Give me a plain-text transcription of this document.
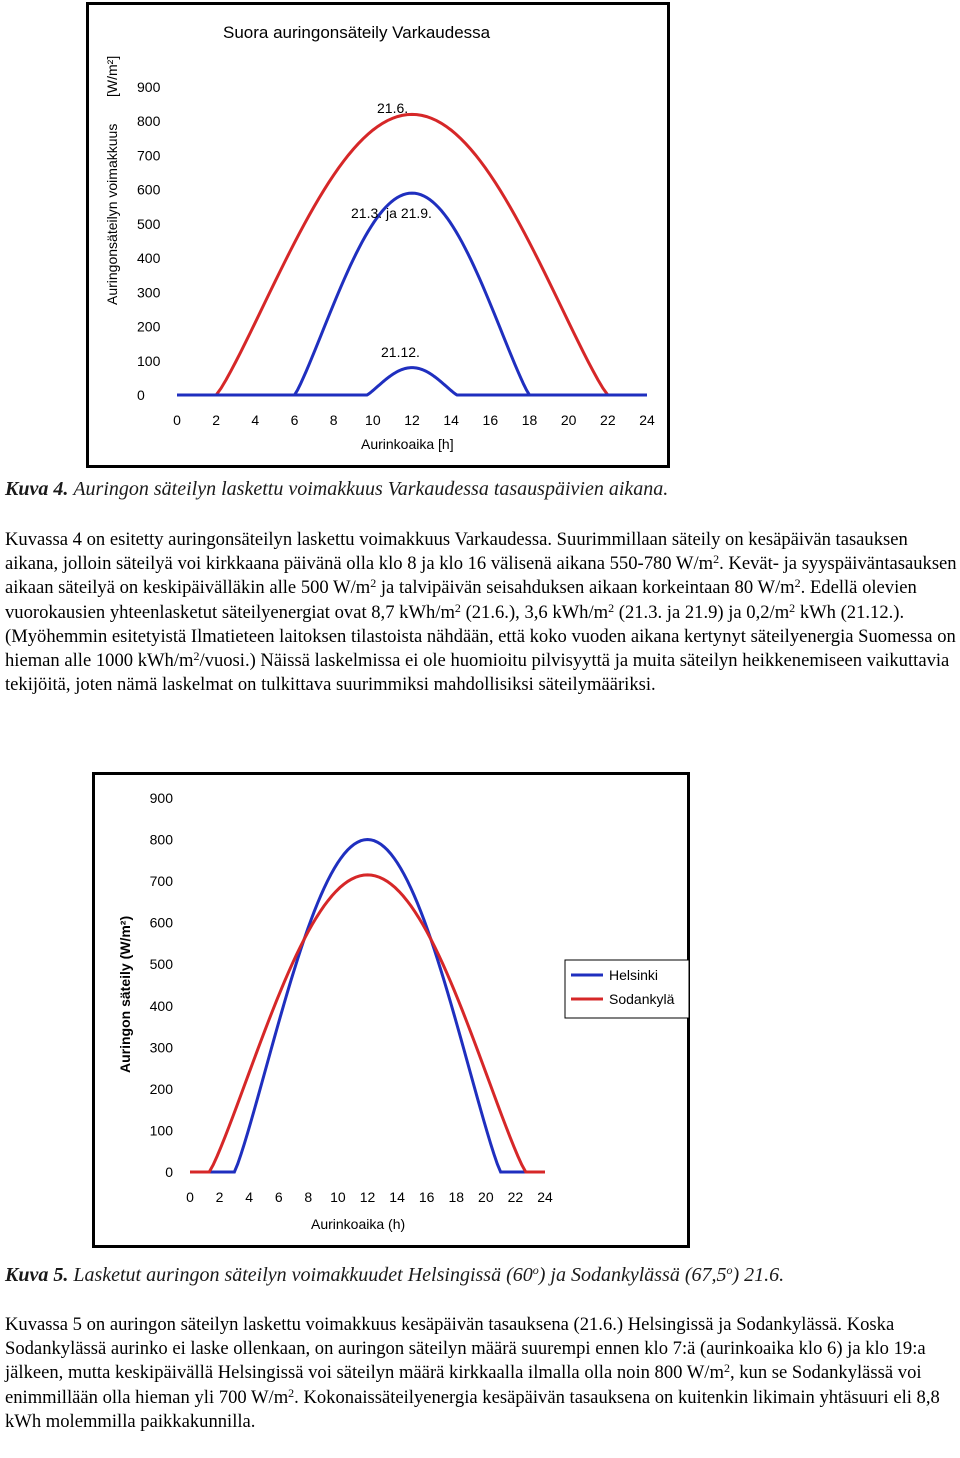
Suora auringonsäteily Varkaudessa
0
100
200
300
400
500
600
700
800
900
0 2 4 6 8 10 12 14 16 18 20 22 24
Aurinkoaika [h]
Auringonsäteilyn voimakkuus
[W/m²]
21.6.
21.3. ja 21.9.
21.12.
Kuva 4. Auringon säteilyn laskettu voimakkuus Varkaudessa tasauspäivien aikana.
Kuvassa 4 on esitetty auringonsäteilyn laskettu voimakkuus Varkaudessa. Suurimmillaan säteily on kesäpäivän tasauksen aikana, jolloin säteilyä voi kirkkaana päivänä olla klo 8 ja klo 16 välisenä aikana 550-780 $W/m^2$. Kevät- ja syyspäiväntasauksen aikaan säteilyä on keskipäivälläkin alle 500 $W/m^2$ ja talvipäivän seisahduksen aikaan korkeintaan 80 $W/m^2$. Edellä olevien vuorokausien yhteenlasketut säteilyenergiat ovat 8,7 kWh/$m^2$ (21.6.), 3,6 kWh/$m^2$ (21.3. ja 21.9) ja $0,2/m^2$ kWh (21.12.). (Myöhemmin esitetyistä Ilmatieteen laitoksen tilastoista nähdään, että koko vuoden aikana kertynyt säteilyenergia Suomessa on hieman alle 1000 kWh/$m^2/vuosi$.) Näissä laskelmissa ei ole huomioitu pilvisyyttä ja muita säteilyn heikkenemiseen vaikuttavia tekijöitä, joten nämä laskelmat on tulkittava suurimmiksi mahdollisiksi säteilymääriksi.
0
100
200
300
400
500
600
700
800
900
0 2 4 6 8 10 12 14 16 18 20 22 24
Aurinkoaika (h)
Auringon säteily (W/m²)	Helsinki
Sodankylä
Kuva 5. Lasketut auringon säteilyn voimakkuudet Helsingissä (60$^o$) ja Sodankylässä (67,5$^o$) 21.6.
Kuvassa 5 on auringon säteilyn laskettu voimakkuus kesäpäivän tasauksena (21.6.) Helsingissä ja Sodankylässä. Koska Sodankylässä aurinko ei laske ollenkaan, on auringon säteilyn määrä suurempi ennen klo 7:ä (aurinkoaika klo 6) ja klo 19:a jälkeen, mutta keskipäivällä Helsingissä voi säteilyn määrä kirkkaalla ilmalla olla noin 800 $W/m^2$, kun se Sodankylässä voi enimmillään olla hieman yli 700 $W/m^2$. Kokonaissäteilyenergia kesäpäivän tasauksena on kuitenkin likimain yhtäsuuri eli 8,8 kWh molemmilla paikkakunnilla.
